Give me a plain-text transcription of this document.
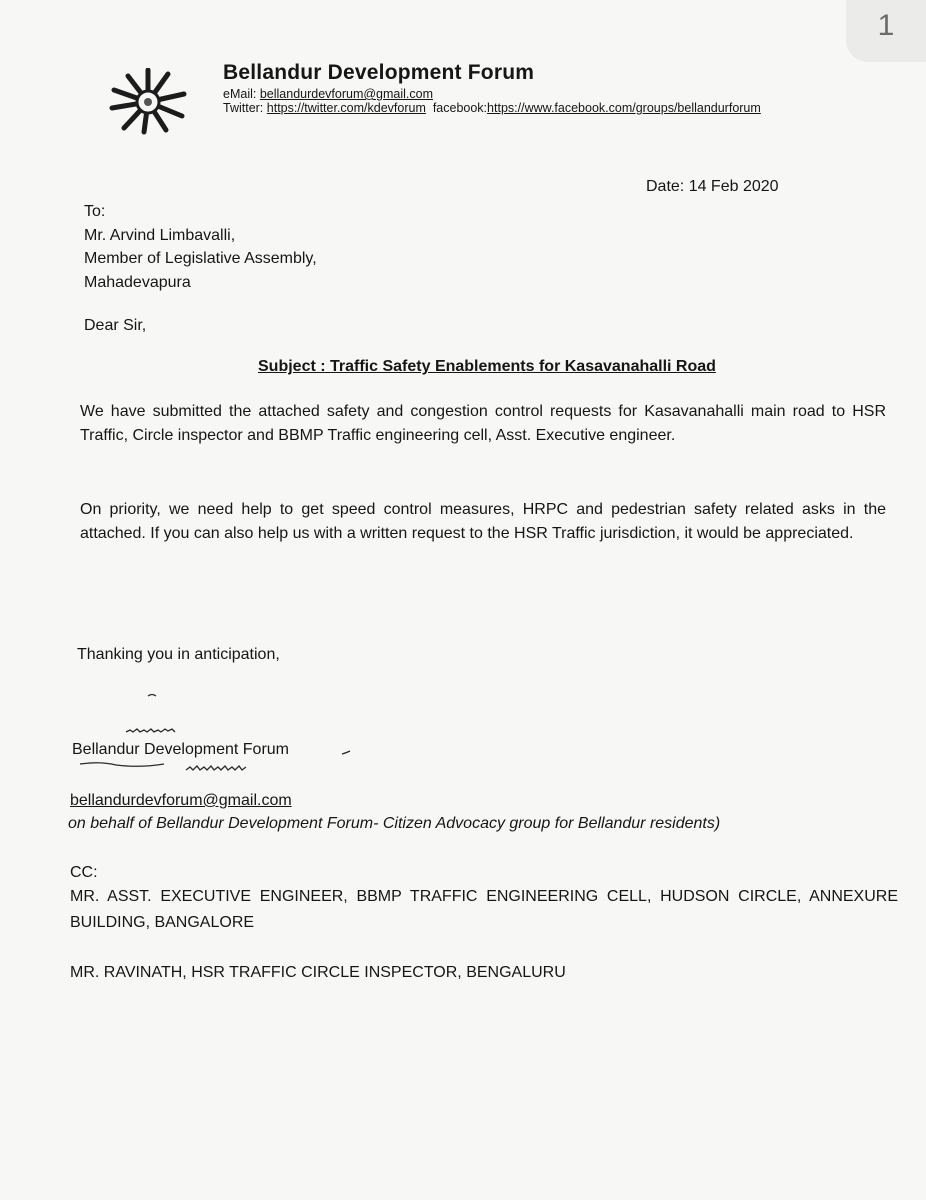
1
Bellandur Development Forum
eMail: bellandurdevforum@gmail.com
Twitter: https://twitter.com/kdevforum facebook:https://www.facebook.com/groups/bellandurforum
Date: 14 Feb 2020
To:
Mr. Arvind Limbavalli,
Member of Legislative Assembly,
Mahadevapura
Dear Sir,
Subject : Traffic Safety Enablements for Kasavanahalli Road
We have submitted the attached safety and congestion control requests for Kasavanahalli main road to HSR Traffic, Circle inspector and BBMP Traffic engineering cell, Asst. Executive engineer.
On priority, we need help to get speed control measures, HRPC and pedestrian safety related asks in the attached. If you can also help us with a written request to the HSR Traffic jurisdiction, it would be appreciated.
Thanking you in anticipation,
Bellandur Development Forum
bellandurdevforum@gmail.com
on behalf of Bellandur Development Forum- Citizen Advocacy group for Bellandur residents)
CC:
MR. ASST. EXECUTIVE ENGINEER, BBMP TRAFFIC ENGINEERING CELL, HUDSON CIRCLE, ANNEXURE BUILDING, BANGALORE
MR. RAVINATH, HSR TRAFFIC CIRCLE INSPECTOR, BENGALURU
